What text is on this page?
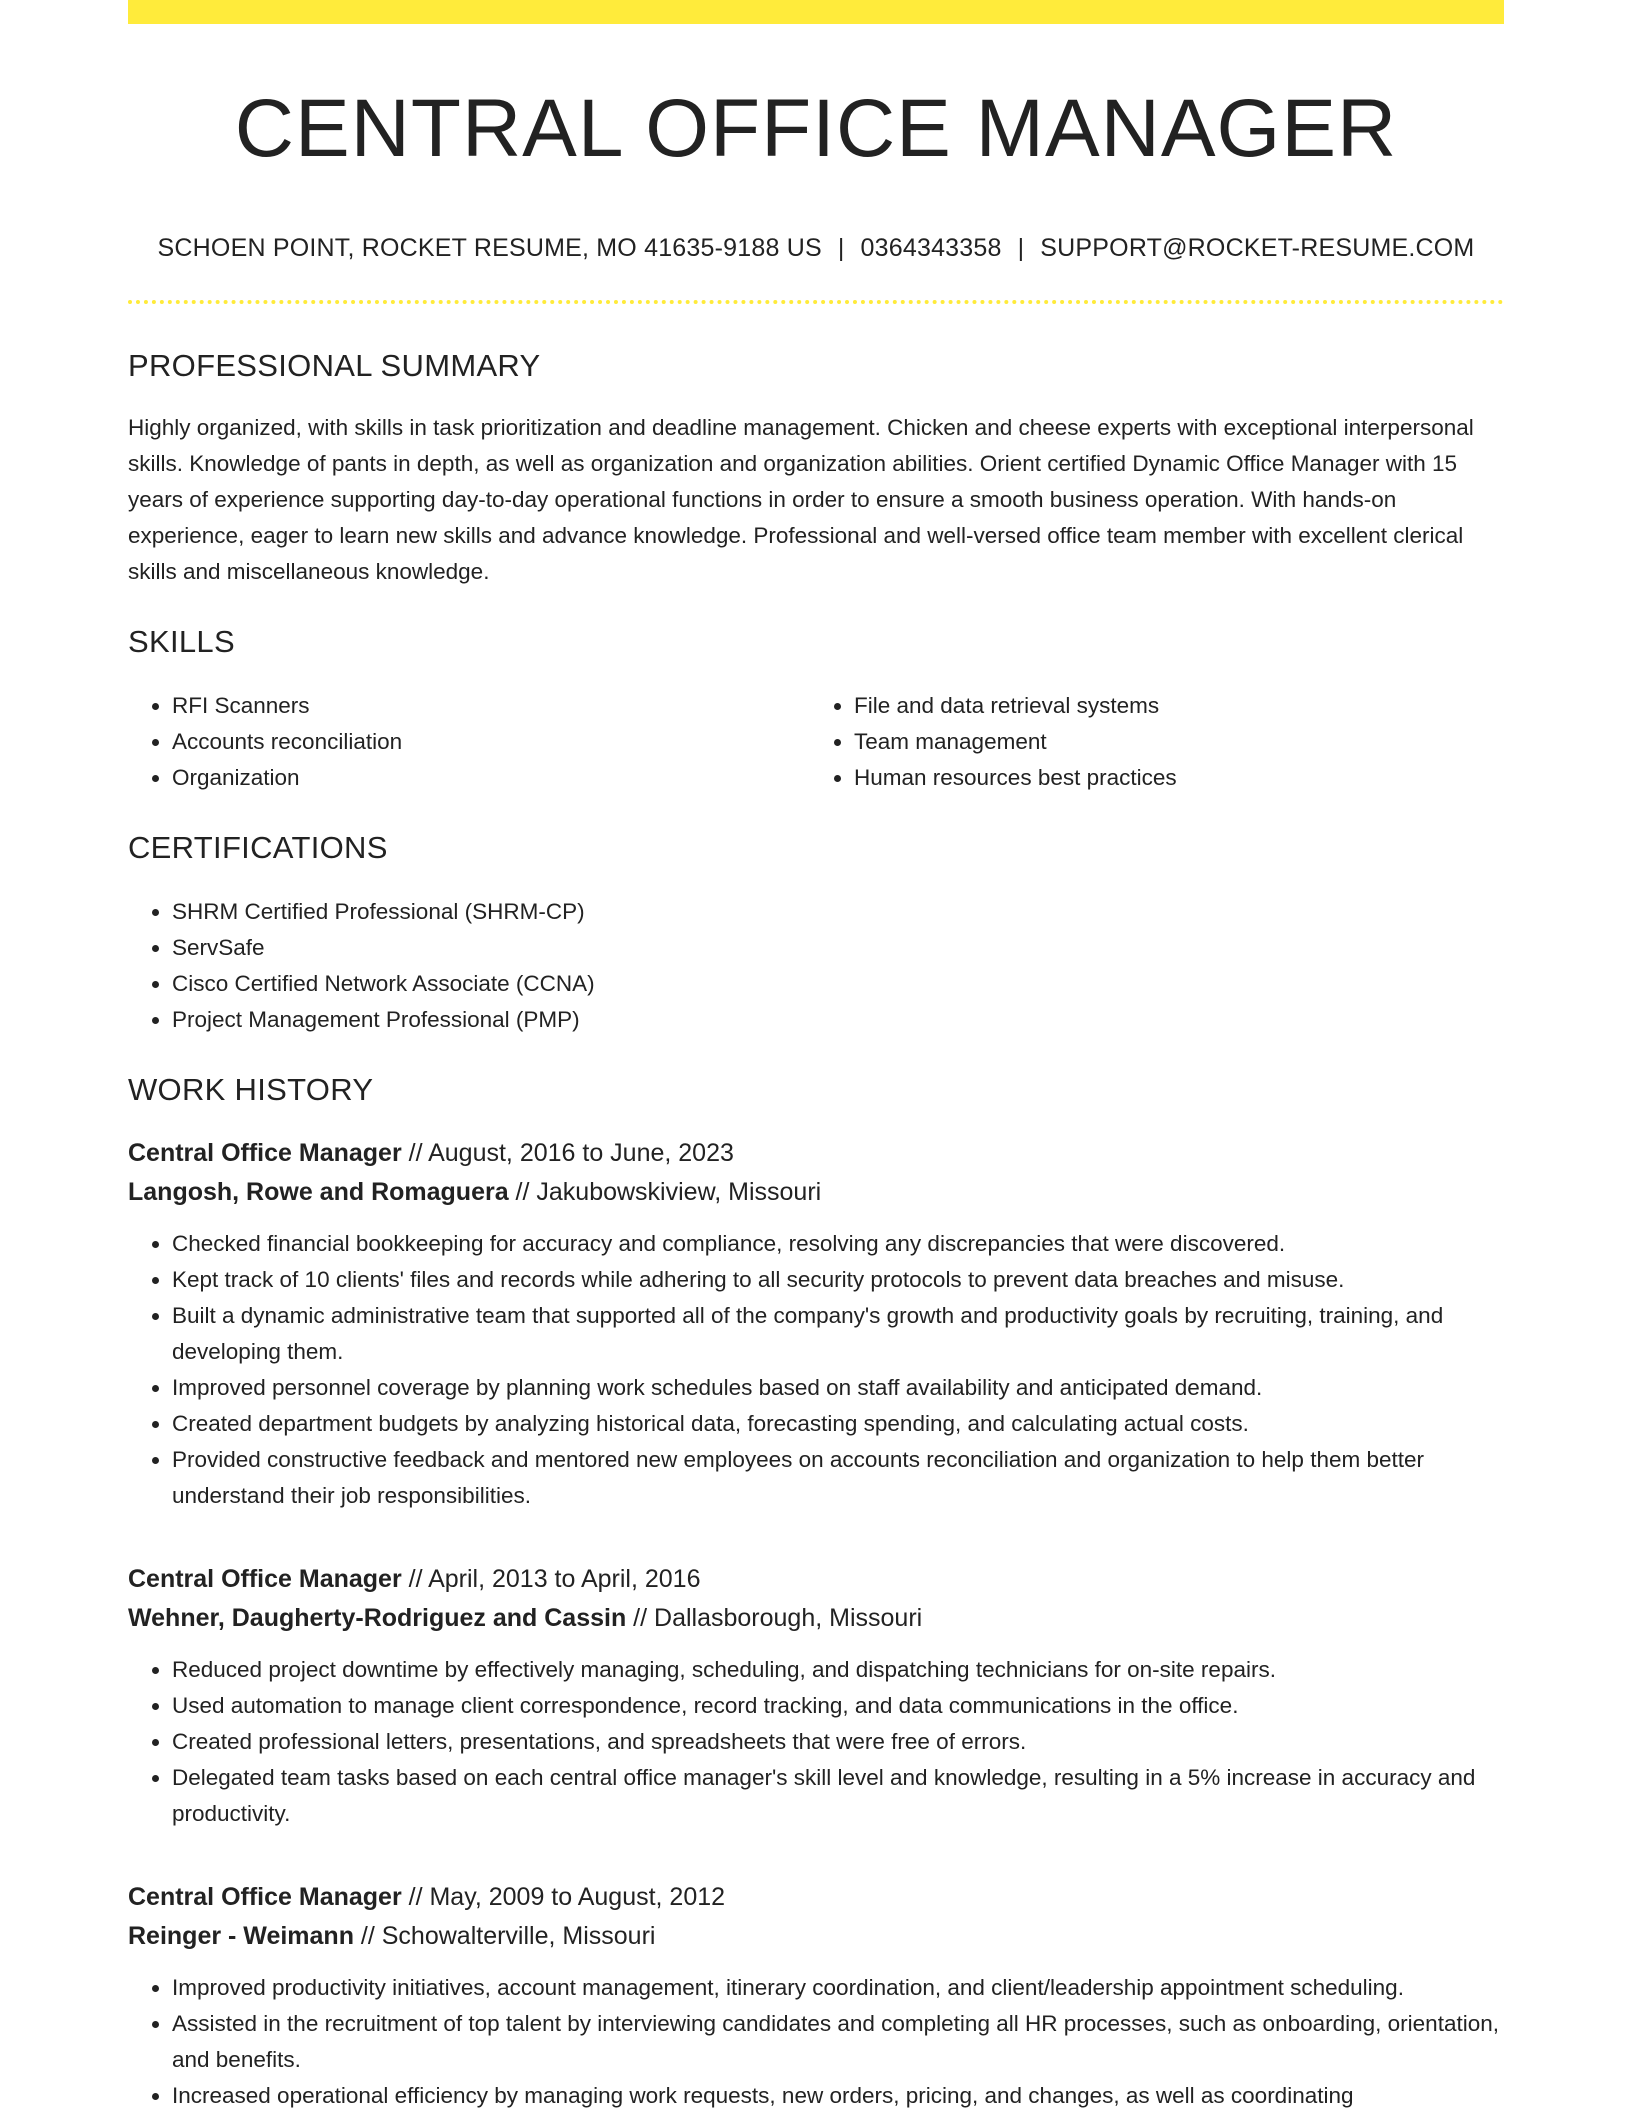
CENTRAL OFFICE MANAGER
SCHOEN POINT, ROCKET RESUME, MO 41635-9188 US | 0364343358 | SUPPORT@ROCKET-RESUME.COM
PROFESSIONAL SUMMARY
Highly organized, with skills in task prioritization and deadline management. Chicken and cheese experts with exceptional interpersonal skills. Knowledge of pants in depth, as well as organization and organization abilities. Orient certified Dynamic Office Manager with 15 years of experience supporting day-to-day operational functions in order to ensure a smooth business operation. With hands-on experience, eager to learn new skills and advance knowledge. Professional and well-versed office team member with excellent clerical skills and miscellaneous knowledge.
SKILLS
• RFI Scanners
• Accounts reconciliation
• Organization
• File and data retrieval systems
• Team management
• Human resources best practices
CERTIFICATIONS
• SHRM Certified Professional (SHRM-CP)
• ServSafe
• Cisco Certified Network Associate (CCNA)
• Project Management Professional (PMP)
WORK HISTORY
Central Office Manager // August, 2016 to June, 2023
Langosh, Rowe and Romaguera // Jakubowskiview, Missouri
• Checked financial bookkeeping for accuracy and compliance, resolving any discrepancies that were discovered.
• Kept track of 10 clients' files and records while adhering to all security protocols to prevent data breaches and misuse.
• Built a dynamic administrative team that supported all of the company's growth and productivity goals by recruiting, training, and developing them.
• Improved personnel coverage by planning work schedules based on staff availability and anticipated demand.
• Created department budgets by analyzing historical data, forecasting spending, and calculating actual costs.
• Provided constructive feedback and mentored new employees on accounts reconciliation and organization to help them better understand their job responsibilities.
Central Office Manager // April, 2013 to April, 2016
Wehner, Daugherty-Rodriguez and Cassin // Dallasborough, Missouri
• Reduced project downtime by effectively managing, scheduling, and dispatching technicians for on-site repairs.
• Used automation to manage client correspondence, record tracking, and data communications in the office.
• Created professional letters, presentations, and spreadsheets that were free of errors.
• Delegated team tasks based on each central office manager's skill level and knowledge, resulting in a 5% increase in accuracy and productivity.
Central Office Manager // May, 2009 to August, 2012
Reinger - Weimann // Schowalterville, Missouri
• Improved productivity initiatives, account management, itinerary coordination, and client/leadership appointment scheduling.
• Assisted in the recruitment of top talent by interviewing candidates and completing all HR processes, such as onboarding, orientation, and benefits.
• Increased operational efficiency by managing work requests, new orders, pricing, and changes, as well as coordinating
